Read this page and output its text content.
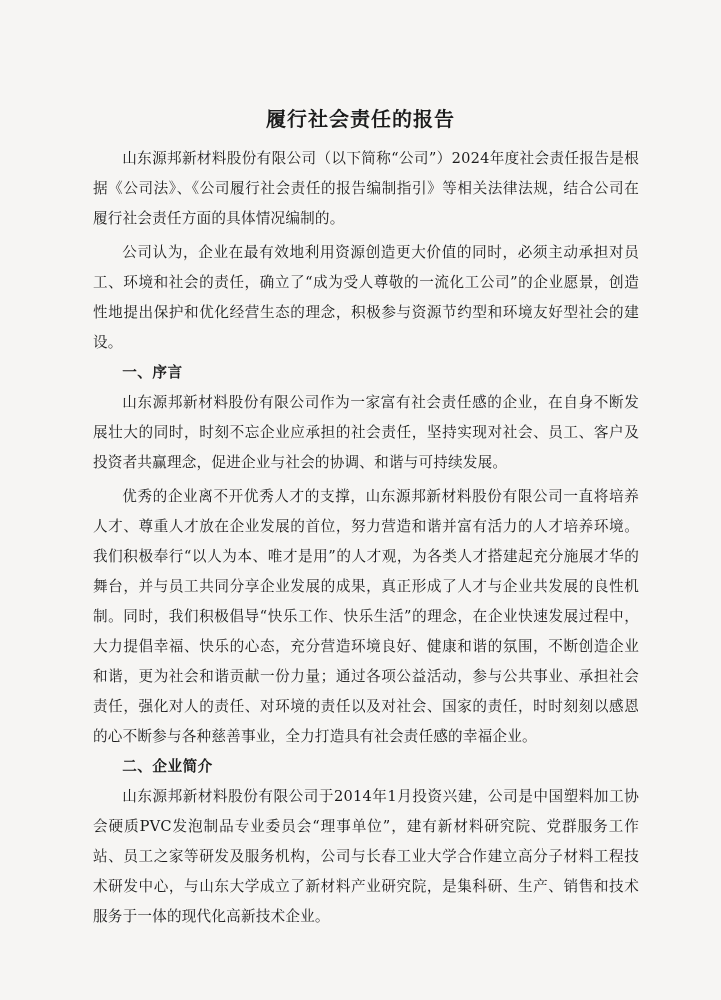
履行社会责任的报告

山东源邦新材料股份有限公司（以下简称“公司”）2024年度社会责任报告是根据《公司法》、《公司履行社会责任的报告编制指引》等相关法律法规，结合公司在履行社会责任方面的具体情况编制的。

公司认为，企业在最有效地利用资源创造更大价值的同时，必须主动承担对员工、环境和社会的责任，确立了“成为受人尊敬的一流化工公司”的企业愿景，创造性地提出保护和优化经营生态的理念，积极参与资源节约型和环境友好型社会的建设。

一、序言

山东源邦新材料股份有限公司作为一家富有社会责任感的企业，在自身不断发展壮大的同时，时刻不忘企业应承担的社会责任，坚持实现对社会、员工、客户及投资者共赢理念，促进企业与社会的协调、和谐与可持续发展。

优秀的企业离不开优秀人才的支撑，山东源邦新材料股份有限公司一直将培养人才、尊重人才放在企业发展的首位，努力营造和谐并富有活力的人才培养环境。我们积极奉行“以人为本、唯才是用”的人才观，为各类人才搭建起充分施展才华的舞台，并与员工共同分享企业发展的成果，真正形成了人才与企业共发展的良性机制。同时，我们积极倡导“快乐工作、快乐生活”的理念，在企业快速发展过程中，大力提倡幸福、快乐的心态，充分营造环境良好、健康和谐的氛围，不断创造企业和谐，更为社会和谐贡献一份力量；通过各项公益活动，参与公共事业、承担社会责任，强化对人的责任、对环境的责任以及对社会、国家的责任，时时刻刻以感恩的心不断参与各种慈善事业，全力打造具有社会责任感的幸福企业。

二、企业简介

山东源邦新材料股份有限公司于2014年1月投资兴建，公司是中国塑料加工协会硬质PVC发泡制品专业委员会“理事单位”，建有新材料研究院、党群服务工作站、员工之家等研发及服务机构，公司与长春工业大学合作建立高分子材料工程技术研发中心，与山东大学成立了新材料产业研究院，是集科研、生产、销售和技术服务于一体的现代化高新技术企业。
